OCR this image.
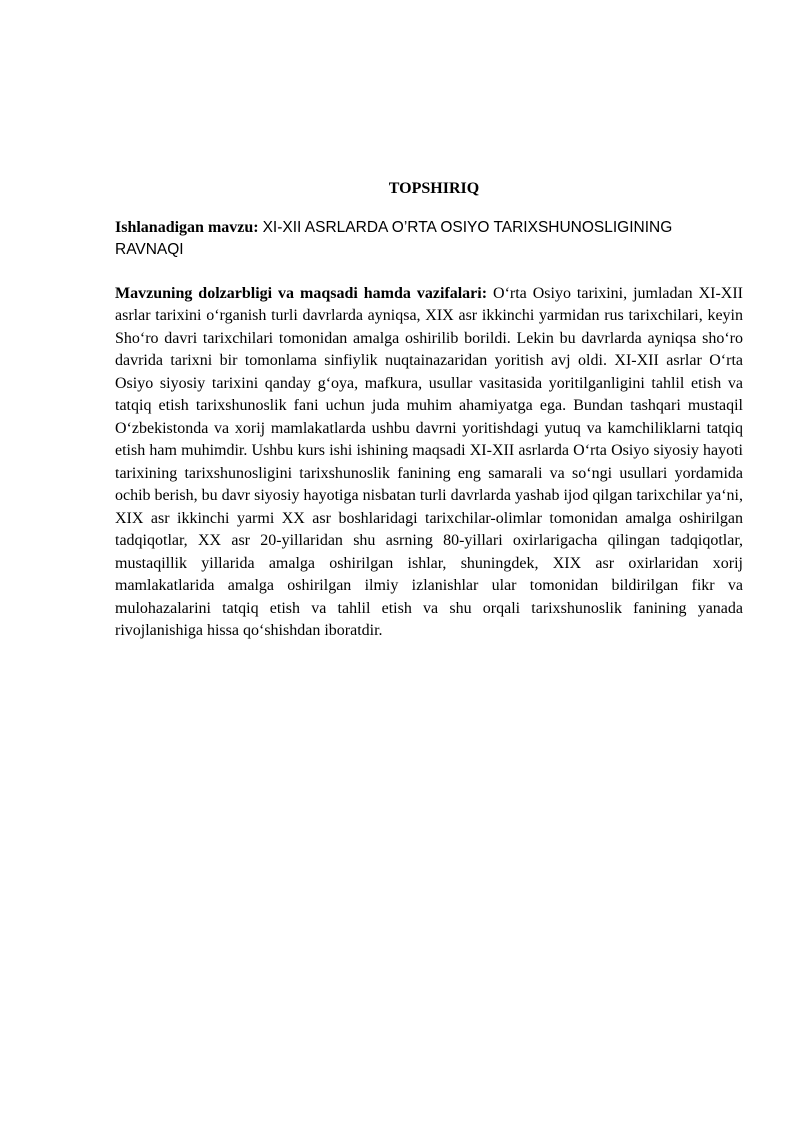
TOPSHIRIQ

Ishlanadigan mavzu: XI-XII ASRLARDA O’RTA OSIYO TARIXSHUNOSLIGINING RAVNAQI

Mavzuning dolzarbligi va maqsadi hamda vazifalari: O‘rta Osiyo tarixini, jumladan XI-XII asrlar tarixini o‘rganish turli davrlarda ayniqsa, XIX asr ikkinchi yarmidan rus tarixchilari, keyin Sho‘ro davri tarixchilari tomonidan amalga oshirilib borildi. Lekin bu davrlarda ayniqsa sho‘ro davrida tarixni bir tomonlama sinfiylik nuqtainazaridan yoritish avj oldi. XI-XII asrlar O‘rta Osiyo siyosiy tarixini qanday g‘oya, mafkura, usullar vasitasida yoritilganligini tahlil etish va tatqiq etish tarixshunoslik fani uchun juda muhim ahamiyatga ega. Bundan tashqari mustaqil O‘zbekistonda va xorij mamlakatlarda ushbu davrni yoritishdagi yutuq va kamchiliklarni tatqiq etish ham muhimdir. Ushbu kurs ishi ishining maqsadi XI-XII asrlarda O‘rta Osiyo siyosiy hayoti tarixining tarixshunosligini tarixshunoslik fanining eng samarali va so‘ngi usullari yordamida ochib berish, bu davr siyosiy hayotiga nisbatan turli davrlarda yashab ijod qilgan tarixchilar ya‘ni, XIX asr ikkinchi yarmi XX asr boshlaridagi tarixchilar-olimlar tomonidan amalga oshirilgan tadqiqotlar, XX asr 20-yillaridan shu asrning 80-yillari oxirlarigacha qilingan tadqiqotlar, mustaqillik yillarida amalga oshirilgan ishlar, shuningdek, XIX asr oxirlaridan xorij mamlakatlarida amalga oshirilgan ilmiy izlanishlar ular tomonidan bildirilgan fikr va mulohazalarini tatqiq etish va tahlil etish va shu orqali tarixshunoslik fanining yanada rivojlanishiga hissa qo‘shishdan iboratdir.
